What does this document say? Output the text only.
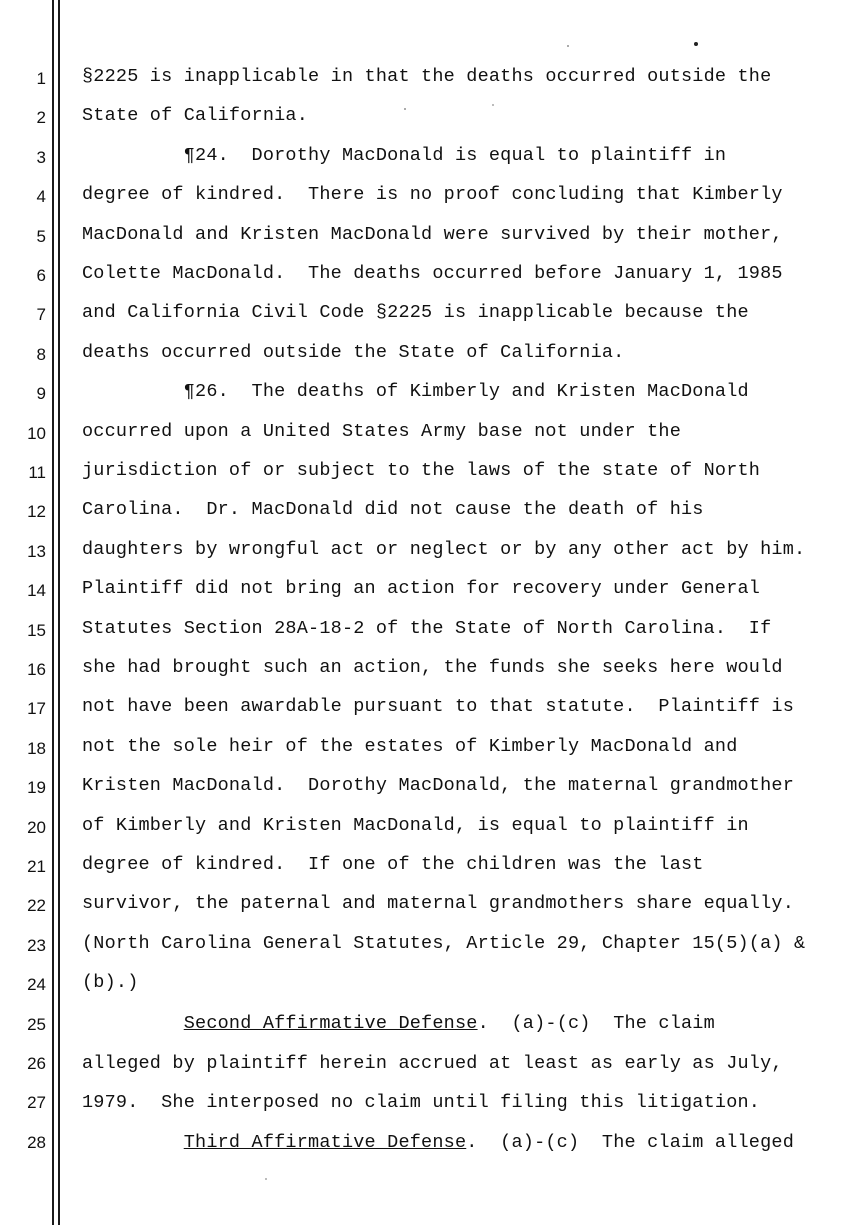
1
2
3
4
5
6
7
8
9
10
11
12
13
14
15
16
17
18
19
20
21
22
23
24
25
26
27
28
§2225 is inapplicable in that the deaths occurred outside the
State of California.
¶24.  Dorothy MacDonald is equal to plaintiff in
degree of kindred.  There is no proof concluding that Kimberly
MacDonald and Kristen MacDonald were survived by their mother,
Colette MacDonald.  The deaths occurred before January 1, 1985
and California Civil Code §2225 is inapplicable because the
deaths occurred outside the State of California.
¶26.  The deaths of Kimberly and Kristen MacDonald
occurred upon a United States Army base not under the
jurisdiction of or subject to the laws of the state of North
Carolina.  Dr. MacDonald did not cause the death of his
daughters by wrongful act or neglect or by any other act by him.
Plaintiff did not bring an action for recovery under General
Statutes Section 28A-18-2 of the State of North Carolina.  If
she had brought such an action, the funds she seeks here would
not have been awardable pursuant to that statute.  Plaintiff is
not the sole heir of the estates of Kimberly MacDonald and
Kristen MacDonald.  Dorothy MacDonald, the maternal grandmother
of Kimberly and Kristen MacDonald, is equal to plaintiff in
degree of kindred.  If one of the children was the last
survivor, the paternal and maternal grandmothers share equally.
(North Carolina General Statutes, Article 29, Chapter 15(5)(a) &
(b).)
Second Affirmative Defense.  (a)-(c)  The claim
alleged by plaintiff herein accrued at least as early as July,
1979.  She interposed no claim until filing this litigation.
Third Affirmative Defense.  (a)-(c)  The claim alleged
